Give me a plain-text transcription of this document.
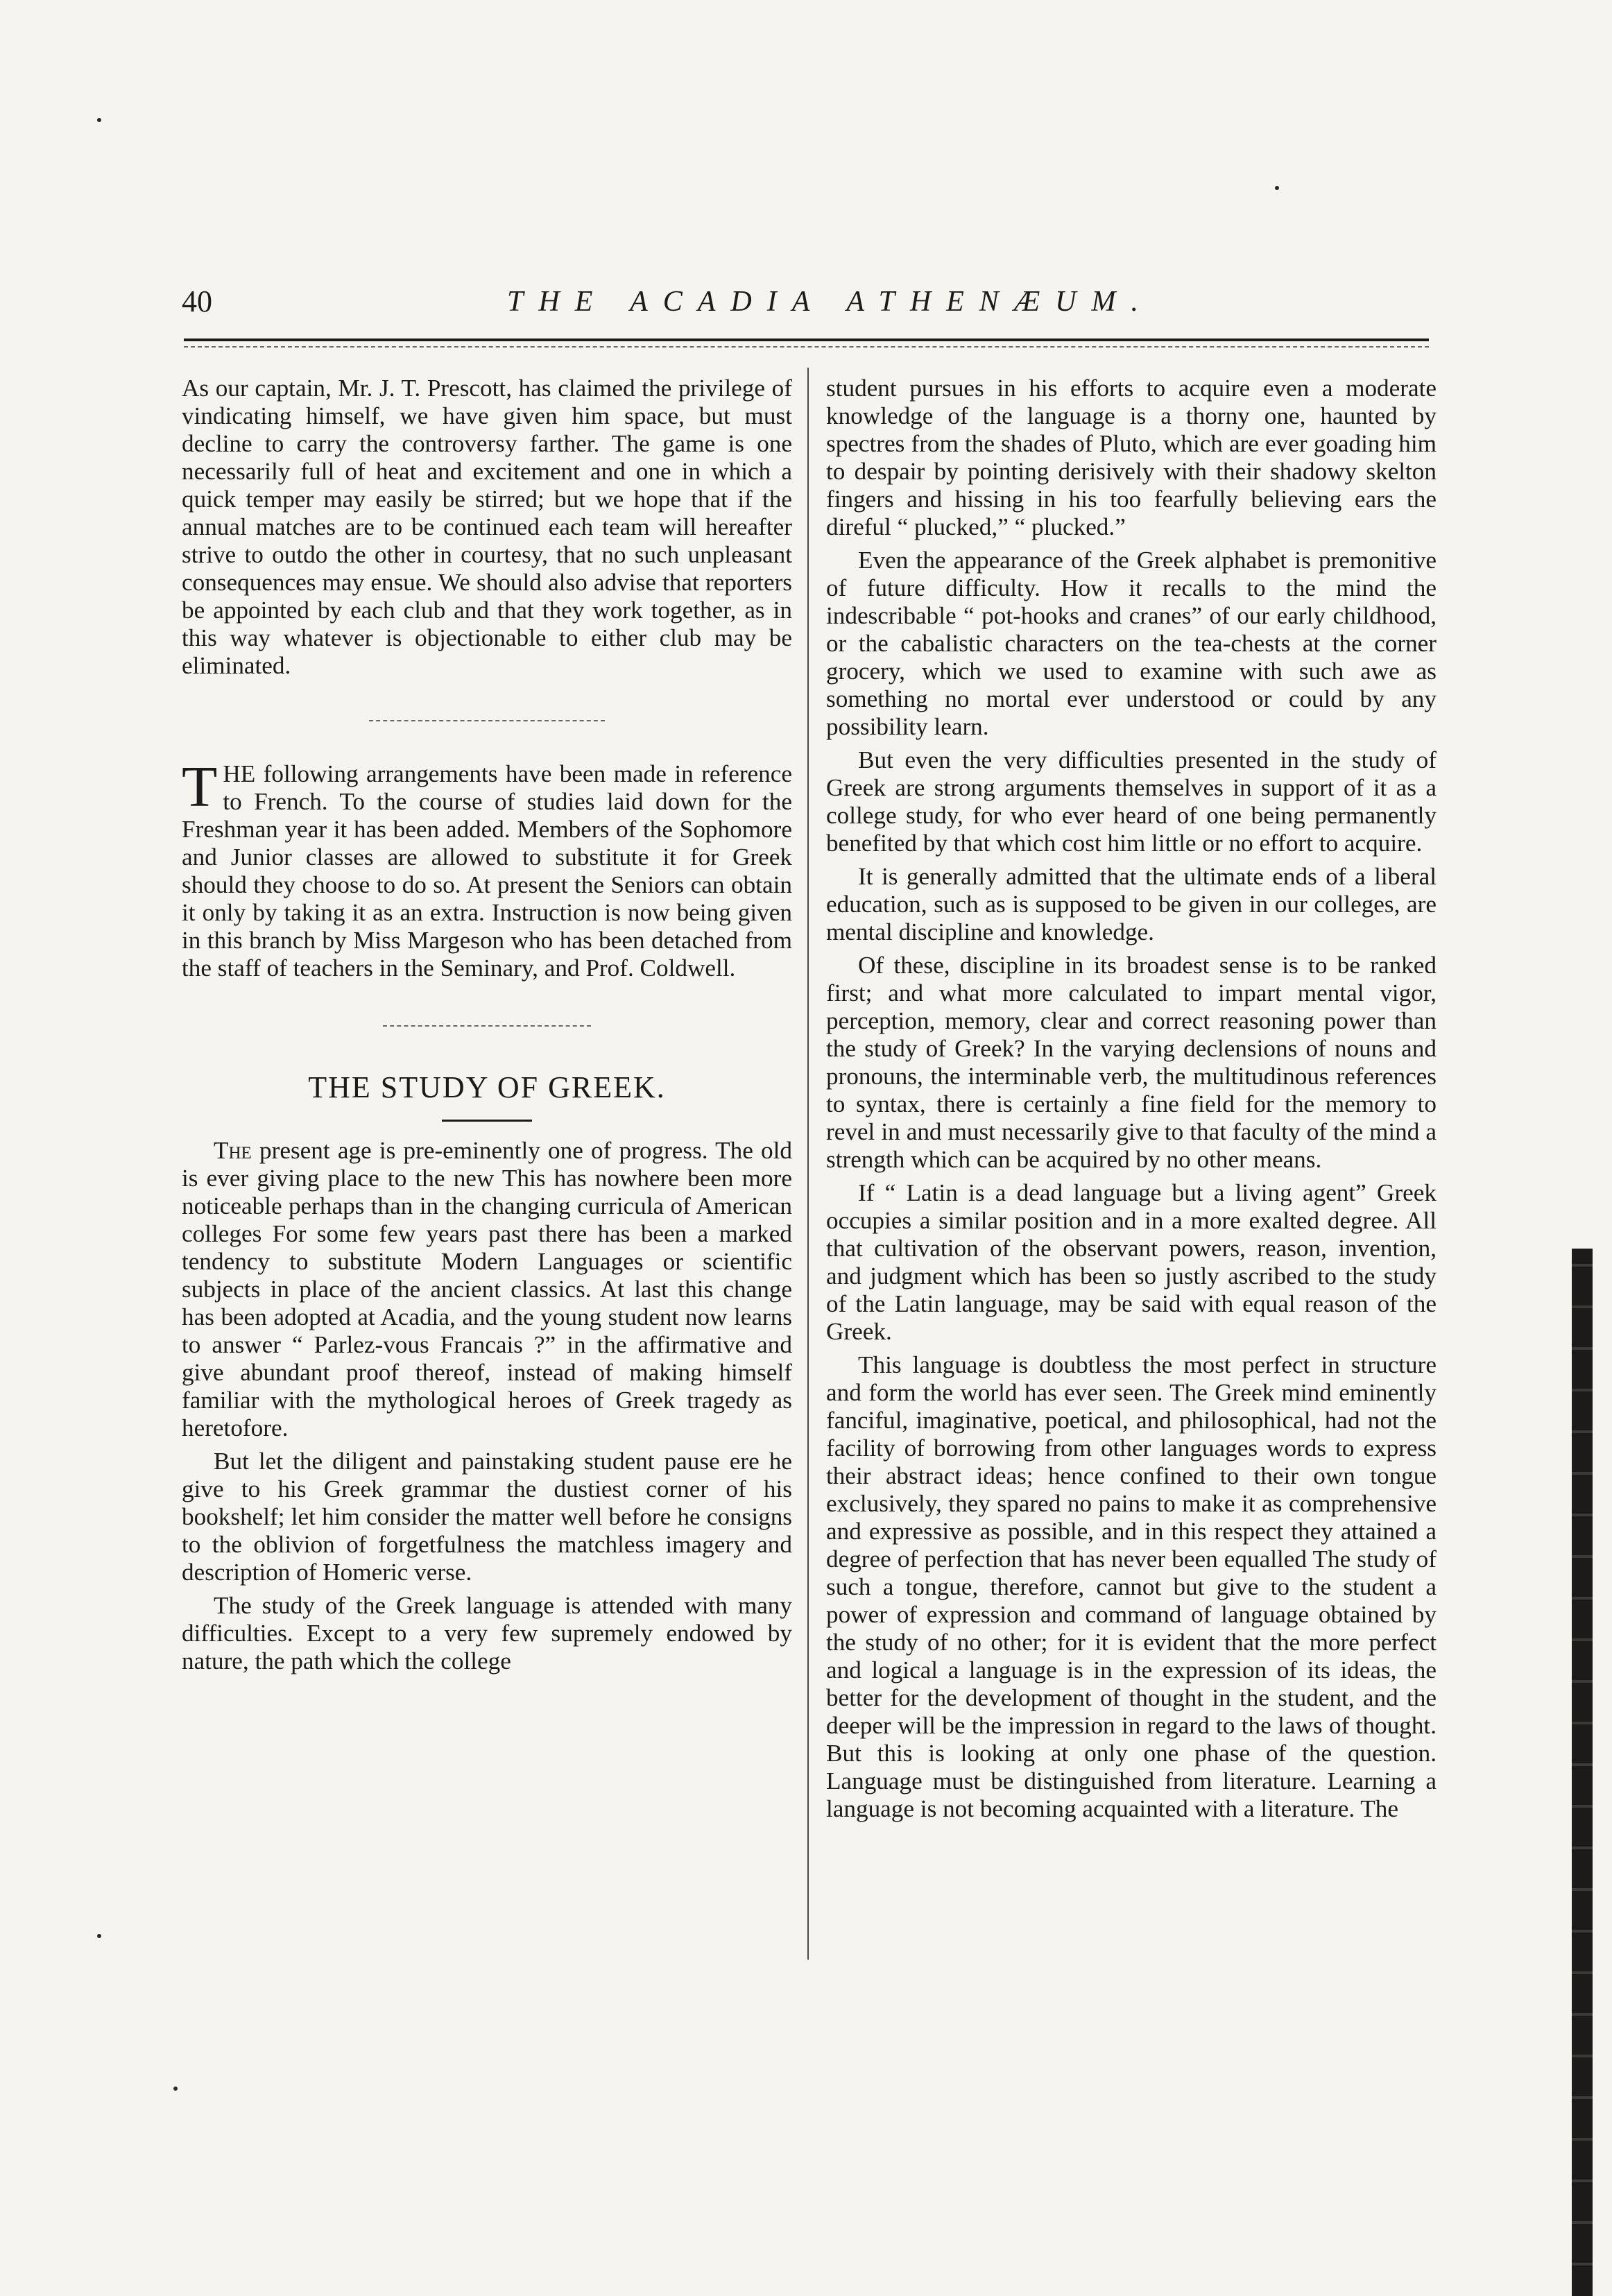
40	THE ACADIA ATHENÆUM.

As our captain, Mr. J. T. Prescott, has claimed the privilege of vindicating himself, we have given him space, but must decline to carry the controversy farther. The game is one necessarily full of heat and excitement and one in which a quick temper may easily be stirred; but we hope that if the annual matches are to be continued each team will hereafter strive to outdo the other in courtesy, that no such unpleasant consequences may ensue. We should also advise that reporters be appointed by each club and that they work together, as in this way whatever is objectionable to either club may be eliminated.

THE following arrangements have been made in reference to French. To the course of studies laid down for the Freshman year it has been added. Members of the Sophomore and Junior classes are allowed to substitute it for Greek should they choose to do so. At present the Seniors can obtain it only by taking it as an extra. Instruction is now being given in this branch by Miss Margeson who has been detached from the staff of teachers in the Seminary, and Prof. Coldwell.

THE STUDY OF GREEK.

The present age is pre-eminently one of progress. The old is ever giving place to the new This has nowhere been more noticeable perhaps than in the changing curricula of American colleges For some few years past there has been a marked tendency to substitute Modern Languages or scientific subjects in place of the ancient classics. At last this change has been adopted at Acadia, and the young student now learns to answer “ Parlez-vous Francais ?” in the affirmative and give abundant proof thereof, instead of making himself familiar with the mythological heroes of Greek tragedy as heretofore.

But let the diligent and painstaking student pause ere he give to his Greek grammar the dustiest corner of his bookshelf; let him consider the matter well before he consigns to the oblivion of forgetfulness the matchless imagery and description of Homeric verse.

The study of the Greek language is attended with many difficulties. Except to a very few supremely endowed by nature, the path which the college

student pursues in his efforts to acquire even a moderate knowledge of the language is a thorny one, haunted by spectres from the shades of Pluto, which are ever goading him to despair by pointing derisively with their shadowy skelton fingers and hissing in his too fearfully believing ears the direful “ plucked,” “ plucked.”

Even the appearance of the Greek alphabet is premonitive of future difficulty. How it recalls to the mind the indescribable “ pot-hooks and cranes” of our early childhood, or the cabalistic characters on the tea-chests at the corner grocery, which we used to examine with such awe as something no mortal ever understood or could by any possibility learn.

But even the very difficulties presented in the study of Greek are strong arguments themselves in support of it as a college study, for who ever heard of one being permanently benefited by that which cost him little or no effort to acquire.

It is generally admitted that the ultimate ends of a liberal education, such as is supposed to be given in our colleges, are mental discipline and knowledge.

Of these, discipline in its broadest sense is to be ranked first; and what more calculated to impart mental vigor, perception, memory, clear and correct reasoning power than the study of Greek? In the varying declensions of nouns and pronouns, the interminable verb, the multitudinous references to syntax, there is certainly a fine field for the memory to revel in and must necessarily give to that faculty of the mind a strength which can be acquired by no other means.

If “ Latin is a dead language but a living agent” Greek occupies a similar position and in a more exalted degree. All that cultivation of the observant powers, reason, invention, and judgment which has been so justly ascribed to the study of the Latin language, may be said with equal reason of the Greek.

This language is doubtless the most perfect in structure and form the world has ever seen. The Greek mind eminently fanciful, imaginative, poetical, and philosophical, had not the facility of borrowing from other languages words to express their abstract ideas; hence confined to their own tongue exclusively, they spared no pains to make it as comprehensive and expressive as possible, and in this respect they attained a degree of perfection that has never been equalled The study of such a tongue, therefore, cannot but give to the student a power of expression and command of language obtained by the study of no other; for it is evident that the more perfect and logical a language is in the expression of its ideas, the better for the development of thought in the student, and the deeper will be the impression in regard to the laws of thought. But this is looking at only one phase of the question. Language must be distinguished from literature. Learning a language is not becoming acquainted with a literature. The
